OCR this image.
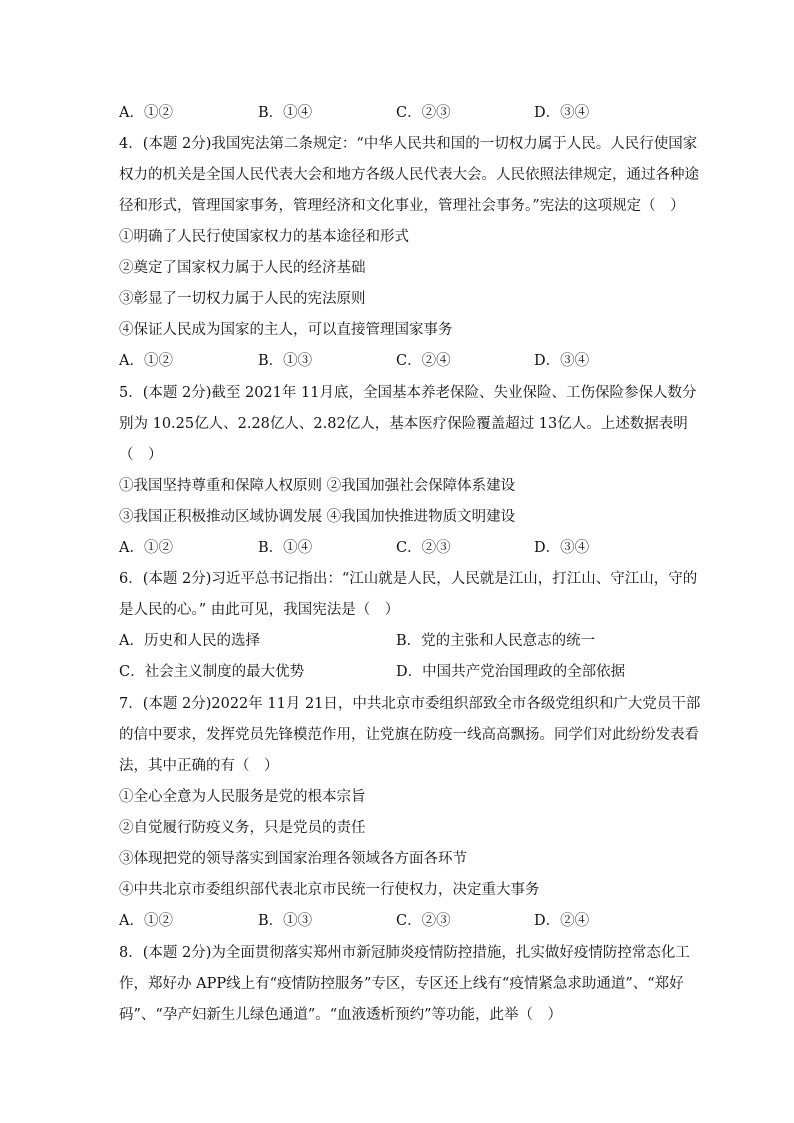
A．①②	B．①④	C．②③	D．③④
4．(本题 2分)我国宪法第二条规定：“中华人民共和国的一切权力属于人民。人民行使国家
权力的机关是全国人民代表大会和地方各级人民代表大会。人民依照法律规定，通过各种途
径和形式，管理国家事务，管理经济和文化事业，管理社会事务。”宪法的这项规定（　）
①明确了人民行使国家权力的基本途径和形式
②奠定了国家权力属于人民的经济基础
③彰显了一切权力属于人民的宪法原则
④保证人民成为国家的主人，可以直接管理国家事务
A．①②	B．①③	C．②④	D．③④
5．(本题 2分)截至 2021年 11月底，全国基本养老保险、失业保险、工伤保险参保人数分
别为 10.25亿人、2.28亿人、2.82亿人，基本医疗保险覆盖超过 13亿人。上述数据表明
（　）
①我国坚持尊重和保障人权原则 ②我国加强社会保障体系建设
③我国正积极推动区域协调发展 ④我国加快推进物质文明建设
A．①②	B．①④	C．②③	D．③④
6．(本题 2分)习近平总书记指出：“江山就是人民，人民就是江山，打江山、守江山，守的
是人民的心。” 由此可见，我国宪法是（　）
A．历史和人民的选择	B．党的主张和人民意志的统一
C．社会主义制度的最大优势	D．中国共产党治国理政的全部依据
7．(本题 2分)2022年 11月 21日，中共北京市委组织部致全市各级党组织和广大党员干部
的信中要求，发挥党员先锋模范作用，让党旗在防疫一线高高飘扬。同学们对此纷纷发表看
法，其中正确的有（　）
①全心全意为人民服务是党的根本宗旨
②自觉履行防疫义务，只是党员的责任
③体现把党的领导落实到国家治理各领域各方面各环节
④中共北京市委组织部代表北京市民统一行使权力，决定重大事务
A．①②	B．①③	C．②③	D．②④
8．(本题 2分)为全面贯彻落实郑州市新冠肺炎疫情防控措施，扎实做好疫情防控常态化工
作，郑好办 APP线上有“疫情防控服务”专区，专区还上线有“疫情紧急求助通道”、“郑好
码”、“孕产妇新生儿绿色通道”。“血液透析预约”等功能，此举（　）
